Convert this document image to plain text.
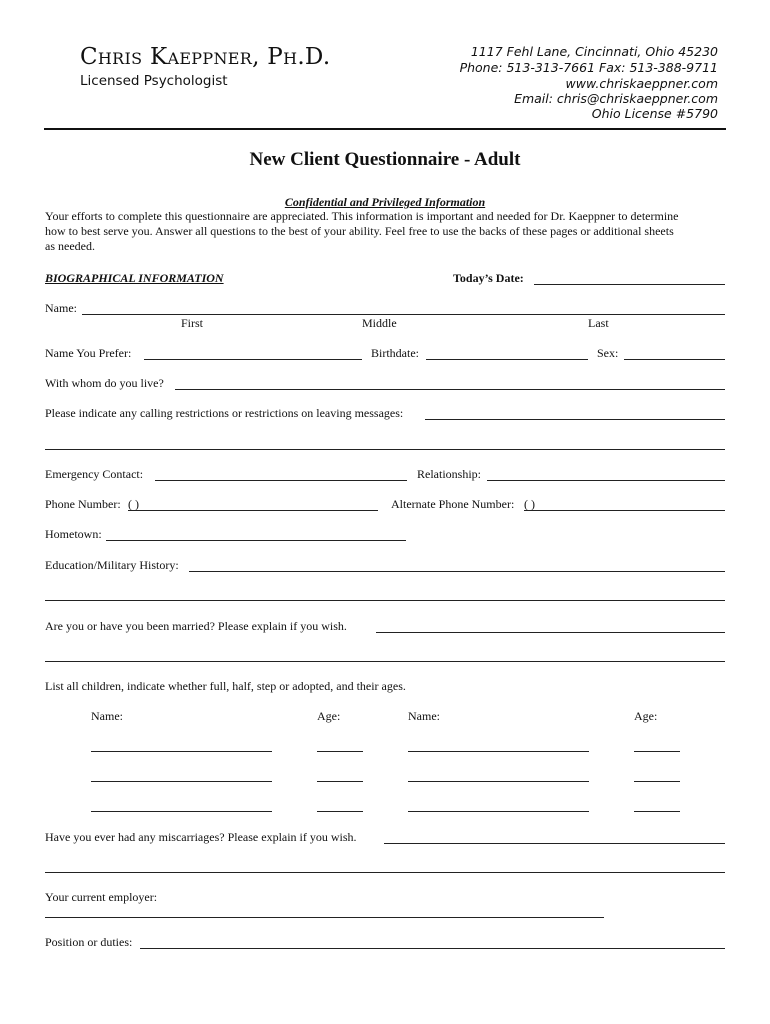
Chris Kaeppner, Ph.D.
Licensed Psychologist
1117 Fehl Lane, Cincinnati, Ohio 45230
Phone: 513-313-7661 Fax: 513-388-9711
www.chriskaeppner.com
Email: chris@chriskaeppner.com
Ohio License #5790
New Client Questionnaire - Adult
Confidential and Privileged Information
Your efforts to complete this questionnaire are appreciated. This information is important and needed for Dr. Kaeppner to determine
how to best serve you. Answer all questions to the best of your ability. Feel free to use the backs of these pages or additional sheets
as needed.
BIOGRAPHICAL INFORMATION	Today’s Date:
Name:
First	Middle	Last
Name You Prefer:	Birthdate:	Sex:
With whom do you live?
Please indicate any calling restrictions or restrictions on leaving messages:
Emergency Contact:	Relationship:
Phone Number: ( )	Alternate Phone Number: ( )
Hometown:
Education/Military History:
Are you or have you been married? Please explain if you wish.
List all children, indicate whether full, half, step or adopted, and their ages.
Name:	Age:	Name:	Age:
Have you ever had any miscarriages? Please explain if you wish.
Your current employer:
Position or duties:
